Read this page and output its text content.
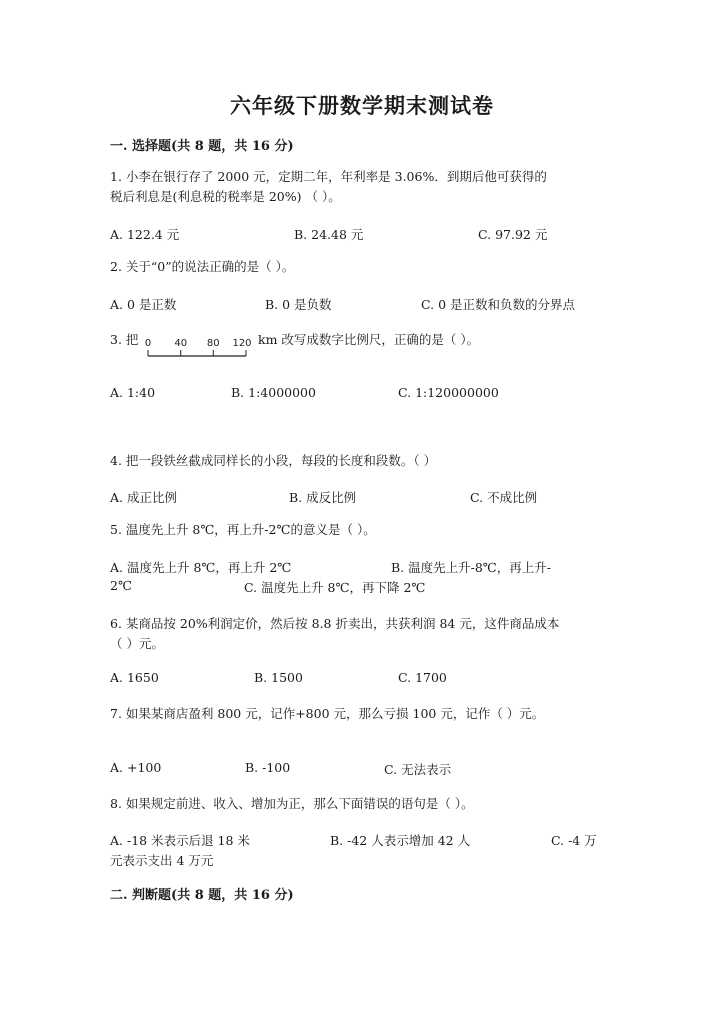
六年级下册数学期末测试卷
一. 选择题(共 8 题，共 16 分)
1. 小李在银行存了 2000 元，定期二年，年利率是 3.06%．到期后他可获得的
税后利息是(利息税的税率是 20%) （ ）。
A. 122.4 元	B. 24.48 元	C. 97.92 元
2. 关于“0”的说法正确的是（ ）。
A. 0 是正数	B. 0 是负数	C. 0 是正数和负数的分界点
3. 把 0 40 80 120 km 改写成数字比例尺，正确的是（ ）。
A. 1:40	B. 1:4000000	C. 1:120000000
4. 把一段铁丝截成同样长的小段，每段的长度和段数。（ ）
A. 成正比例	B. 成反比例	C. 不成比例
5. 温度先上升 8℃，再上升-2℃的意义是（ ）。
A. 温度先上升 8℃，再上升 2℃	B. 温度先上升-8℃，再上升-
2℃	C. 温度先上升 8℃，再下降 2℃
6. 某商品按 20%利润定价，然后按 8.8 折卖出，共获利润 84 元，这件商品成本
（ ）元。
A. 1650	B. 1500	C. 1700
7. 如果某商店盈利 800 元，记作+800 元，那么亏损 100 元，记作（ ）元。
A. +100	B. -100	C. 无法表示
8. 如果规定前进、收入、增加为正，那么下面错误的语句是（ ）。
A. -18 米表示后退 18 米	B. -42 人表示增加 42 人	C. -4 万
元表示支出 4 万元
二. 判断题(共 8 题，共 16 分)
